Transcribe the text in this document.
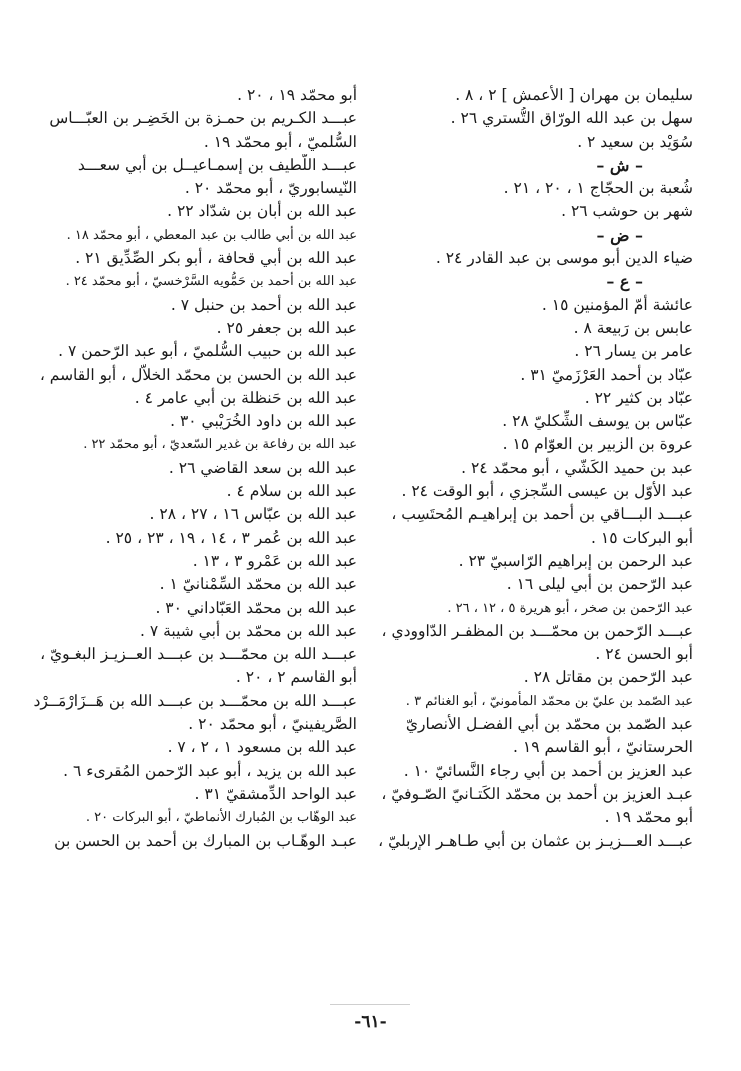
سليمان بن مهران [ الأعمش ] ٢ ، ٨ .
سهل بن عبد الله الورّاق التُّستري ٢٦ .
سُوَيْد بن سعيد ٢ .
– ش –
شُعبة بن الحجّاج ١ ، ٢٠ ، ٢١ .
شهر بن حوشب ٢٦ .
– ض –
ضياء الدين أبو موسى بن عبد القادر ٢٤ .
– ع –
عائشة أُمّ المؤمنين ١٥ .
عابس بن رَبيعة ٨ .
عامر بن يسار ٢٦ .
عبّاد بن أحمد العَرْزَميّ ٣١ .
عبّاد بن كثير ٢٢ .
عبّاس بن يوسف الشِّكليّ ٢٨ .
عروة بن الزبير بن العوّام ١٥ .
عبد بن حميد الكَشّي ، أبو محمّد ٢٤ .
عبد الأوّل بن عيسى السِّجزي ، أبو الوقت ٢٤ .
عبـــد البـــاقي بن أحمد بن إبراهيـم المُحتَسِب ،
أبو البركات ١٥ .
عبد الرحمن بن إبراهيم الرّاسبيّ ٢٣ .
عبد الرّحمن بن أبي ليلى ١٦ .
عبد الرّحمن بن صخر ، أبو هريرة ٥ ، ١٢ ، ٢٦ .
عبـــد الرّحمن بن محمّـــد بن المظفـر الدّاوودي ،
أبو الحسن ٢٤ .
عبد الرّحمن بن مقاتل ٢٨ .
عبد الصّمد بن عليّ بن محمّد المأمونيّ ، أبو الغنائم ٣ .
عبد الصّمد بن محمّد بن أبي الفضـل الأنصاريّ
الحرستانيّ ، أبو القاسم ١٩ .
عبد العزيز بن أحمد بن أبي رجاء النَّسائيّ ١٠ .
عبـد العزيز بن أحمد بن محمّد الكَتـانيّ الصّـوفيّ ،
أبو محمّد ١٩ .
عبـــد العـــزيـز بن عثمان بن أبي طـاهـر الإربليّ ،
أبو محمّد ١٩ ، ٢٠ .
عبـــد الكـريم بن حمـزة بن الخَضِـر بن العبّـــاس
السُّلميّ ، أبو محمّد ١٩ .
عبـــد اللّطيف بن إسمـاعيــل بن أبي سعـــد
النّيسابوريّ ، أبو محمّد ٢٠ .
عبد الله بن أبان بن شدّاد ٢٢ .
عبد الله بن أبي طالب بن عبد المعطي ، أبو محمّد ١٨ .
عبد الله بن أبي قحافة ، أبو بكر الصِّدِّيق ٢١ .
عبد الله بن أحمد بن حَمُّويه السَّرْخسيّ ، أبو محمّد ٢٤ .
عبد الله بن أحمد بن حنبل ٧ .
عبد الله بن جعفر ٢٥ .
عبد الله بن حبيب السُّلميّ ، أبو عبد الرّحمن ٧ .
عبد الله بن الحسن بن محمّد الخلاّل ، أبو القاسم ،
عبد الله بن حَنظلة بن أبي عامر ٤ .
عبد الله بن داود الخُرَيْبي ٣٠ .
عبد الله بن رفاعة بن غدير السّعديّ ، أبو محمّد ٢٢ .
عبد الله بن سعد القاضي ٢٦ .
عبد الله بن سلام ٤ .
عبد الله بن عبّاس ١٦ ، ٢٧ ، ٢٨ .
عبد الله بن عُمر ٣ ، ١٤ ، ١٩ ، ٢٣ ، ٢٥ .
عبد الله بن عَمْرو ٣ ، ١٣ .
عبد الله بن محمّد السِّمْنانيّ ١ .
عبد الله بن محمّد العَبّاداني ٣٠ .
عبد الله بن محمّد بن أبي شيبة ٧ .
عبـــد الله بن محمّـــد بن عبـــد العــزيـز البغـويّ ،
أبو القاسم ٢ ، ٢٠ .
عبـــد الله بن محمّـــد بن عبـــد الله بن هَــزَارْمَــرْد
الصَّريفينيّ ، أبو محمّد ٢٠ .
عبد الله بن مسعود ١ ، ٢ ، ٧ .
عبد الله بن يزيد ، أبو عبد الرّحمن المُقرىء ٦ .
عبد الواحد الدِّمشقيّ ٣١ .
عبد الوهّاب بن المُبارك الأنماطيّ ، أبو البركات ٢٠ .
عبـد الوهّـاب بن المبارك بن أحمد بن الحسن بن
-٦١-
